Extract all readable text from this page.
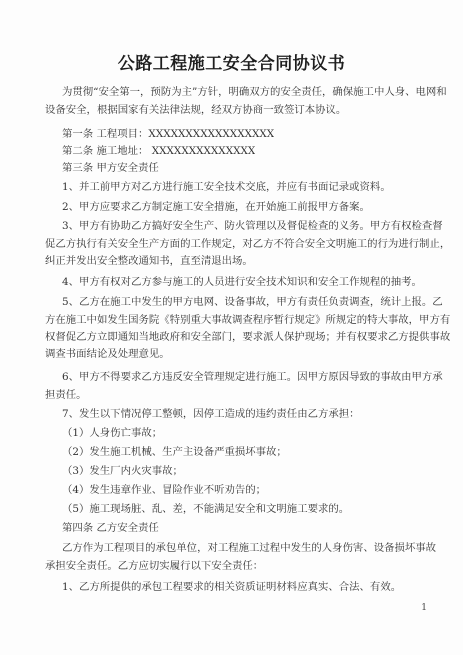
公路工程施工安全合同协议书
为贯彻“安全第一，预防为主”方针，明确双方的安全责任，确保施工中人身、电网和
设备安全，根据国家有关法律法规，经双方协商一致签订本协议。
第一条 工程项目：XXXXXXXXXXXXXXXXX
第二条 施工地址： XXXXXXXXXXXXXX
第三条 甲方安全责任
1、并工前甲方对乙方进行施工安全技术交底，并应有书面记录或资料。
2、甲方应要求乙方制定施工安全措施，在开始施工前报甲方备案。
3、甲方有协助乙方搞好安全生产、防火管理以及督促检查的义务。甲方有权检查督
促乙方执行有关安全生产方面的工作规定，对乙方不符合安全文明施工的行为进行制止，
纠正并发出安全整改通知书，直至清退出场。
4、甲方有权对乙方参与施工的人员进行安全技术知识和安全工作规程的抽考。
5、乙方在施工中发生的甲方电网、设备事故，甲方有责任负责调查，统计上报。乙
方在施工中如发生国务院《特别重大事故调查程序暂行规定》所规定的特大事故，甲方有
权督促乙方立即通知当地政府和安全部门，要求派人保护现场；并有权要求乙方提供事故
调查书面结论及处理意见。
6、甲方不得要求乙方违反安全管理规定进行施工。因甲方原因导致的事故由甲方承
担责任。
7、发生以下情况停工整顿，因停工造成的违约责任由乙方承担：
（1）人身伤亡事故；
（2）发生施工机械、生产主设备严重损坏事故；
（3）发生厂内火灾事故；
（4）发生违章作业、冒险作业不听劝告的；
（5）施工现场脏、乱、差，不能满足安全和文明施工要求的。
第四条 乙方安全责任
乙方作为工程项目的承包单位，对工程施工过程中发生的人身伤害、设备损坏事故
承担安全责任。乙方应切实履行以下安全责任：
1、乙方所提供的承包工程要求的相关资质证明材料应真实、合法、有效。
1
